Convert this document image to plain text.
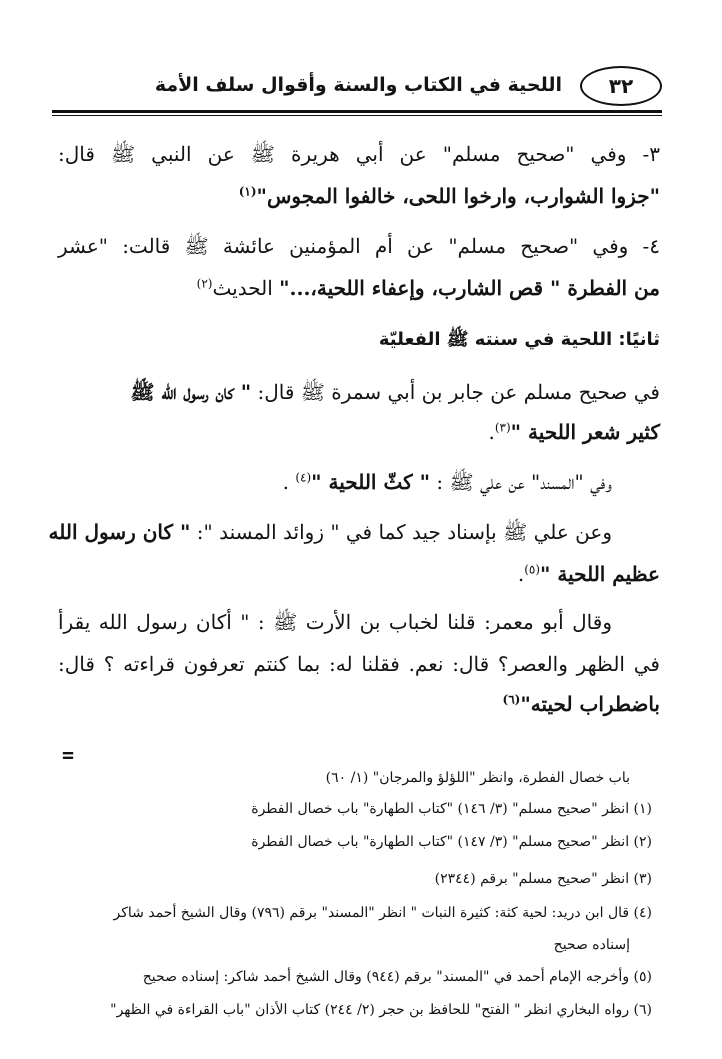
٣٢
اللحية في الكتاب والسنة وأقوال سلف الأمة
٣- وفي "صحيح مسلم" عن أبي هريرة ﷺ عن النبي ﷺ قال:
"جزوا الشوارب، وارخوا اللحى، خالفوا المجوس"$^{(١)}$
٤- وفي "صحيح مسلم" عن أم المؤمنين عائشة ﷺ قالت: "عشر
من الفطرة " قص الشارب، وإعفاء اللحية،..." الحديث$^{(٢)}$
ثانيًا: اللحية في سنته ﷺ الفعليّة
في صحيح مسلم عن جابر بن أبي سمرة ﷺ قال: " كان رسول الله ﷺ
كثير شعر اللحية "$^{(٣)}$.
وفي "المسند" عن علي ﷺ : " كثّ اللحية "$^{(٤)}$ .
وعن علي ﷺ بإسناد جيد كما في " زوائد المسند ": " كان رسول الله
عظيم اللحية "$^{(٥)}$.
وقال أبو معمر: قلنا لخباب بن الأرت ﷺ : " أكان رسول الله يقرأ
في الظهر والعصر؟ قال: نعم. فقلنا له: بما كنتم تعرفون قراءته ؟ قال:
باضطراب لحيته"$^{(٦)}$
=
باب خصال الفطرة، وانظر "اللؤلؤ والمرجان" (١/ ٦٠)
(١) انظر "صحيح مسلم" (٣/ ١٤٦) "كتاب الطهارة" باب خصال الفطرة
(٢) انظر "صحيح مسلم" (٣/ ١٤٧) "كتاب الطهارة" باب خصال الفطرة
(٣) انظر "صحيح مسلم" برقم (٢٣٤٤)
(٤) قال ابن دريد: لحية كثة: كثيرة النبات " انظر "المسند" برقم (٧٩٦) وقال الشيخ أحمد شاكر
إسناده صحيح
(٥) وأخرجه الإمام أحمد في "المسند" برقم (٩٤٤) وقال الشيخ أحمد شاكر: إسناده صحيح
(٦) رواه البخاري انظر " الفتح" للحافظ بن حجر (٢/ ٢٤٤) كتاب الأذان "باب القراءة في الظهر"
